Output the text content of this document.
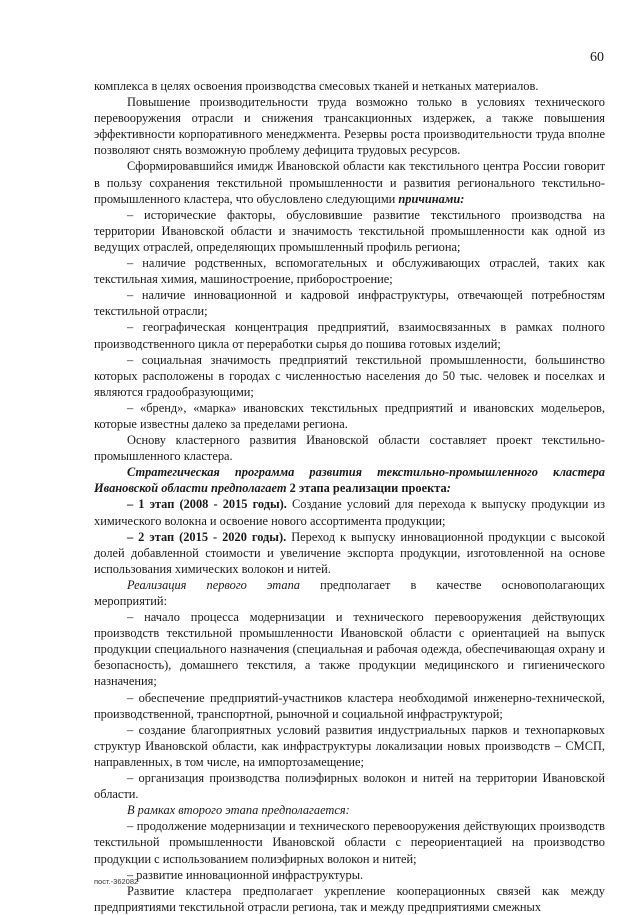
60

комплекса в целях освоения производства смесовых тканей и нетканых материалов.

Повышение производительности труда возможно только в условиях технического перевооружения отрасли и снижения трансакционных издержек, а также повышения эффективности корпоративного менеджмента. Резервы роста производительности труда вполне позволяют снять возможную проблему дефицита трудовых ресурсов.

Сформировавшийся имидж Ивановской области как текстильного центра России говорит в пользу сохранения текстильной промышленности и развития регионального текстильно-промышленного кластера, что обусловлено следующими причинами:

– исторические факторы, обусловившие развитие текстильного производства на территории Ивановской области и значимость текстильной промышленности как одной из ведущих отраслей, определяющих промышленный профиль региона;

– наличие родственных, вспомогательных и обслуживающих отраслей, таких как текстильная химия, машиностроение, приборостроение;

– наличие инновационной и кадровой инфраструктуры, отвечающей потребностям текстильной отрасли;

– географическая концентрация предприятий, взаимосвязанных в рамках полного производственного цикла от переработки сырья до пошива готовых изделий;

– социальная значимость предприятий текстильной промышленности, большинство которых расположены в городах с численностью населения до 50 тыс. человек и поселках и являются градообразующими;

– «бренд», «марка» ивановских текстильных предприятий и ивановских модельеров, которые известны далеко за пределами региона.

Основу кластерного развития Ивановской области составляет проект текстильно-промышленного кластера.

Стратегическая программа развития текстильно-промышленного кластера Ивановской области предполагает 2 этапа реализации проекта:

– 1 этап (2008 - 2015 годы). Создание условий для перехода к выпуску продукции из химического волокна и освоение нового ассортимента продукции;

– 2 этап (2015 - 2020 годы). Переход к выпуску инновационной продукции с высокой долей добавленной стоимости и увеличение экспорта продукции, изготовленной на основе использования химических волокон и нитей.

Реализация первого этапа предполагает в качестве основополагающих

мероприятий:

– начало процесса модернизации и технического перевооружения действующих производств текстильной промышленности Ивановской области с ориентацией на выпуск продукции специального назначения (специальная и рабочая одежда, обеспечивающая охрану и безопасность), домашнего текстиля, а также продукции медицинского и гигиенического назначения;

– обеспечение предприятий-участников кластера необходимой инженерно-технической, производственной, транспортной, рыночной и социальной инфраструктурой;

– создание благоприятных условий развития индустриальных парков и технопарковых структур Ивановской области, как инфраструктуры локализации новых производств – СМСП, направленных, в том числе, на импортозамещение;

– организация производства полиэфирных волокон и нитей на территории Ивановской области.

В рамках второго этапа предполагается:

– продолжение модернизации и технического перевооружения действующих производств текстильной промышленности Ивановской области с переориентацией на производство продукции с использованием полиэфирных волокон и нитей;

– развитие инновационной инфраструктуры.

Развитие кластера предполагает укрепление кооперационных связей как между предприятиями текстильной отрасли региона, так и между предприятиями смежных

пост.-362082
